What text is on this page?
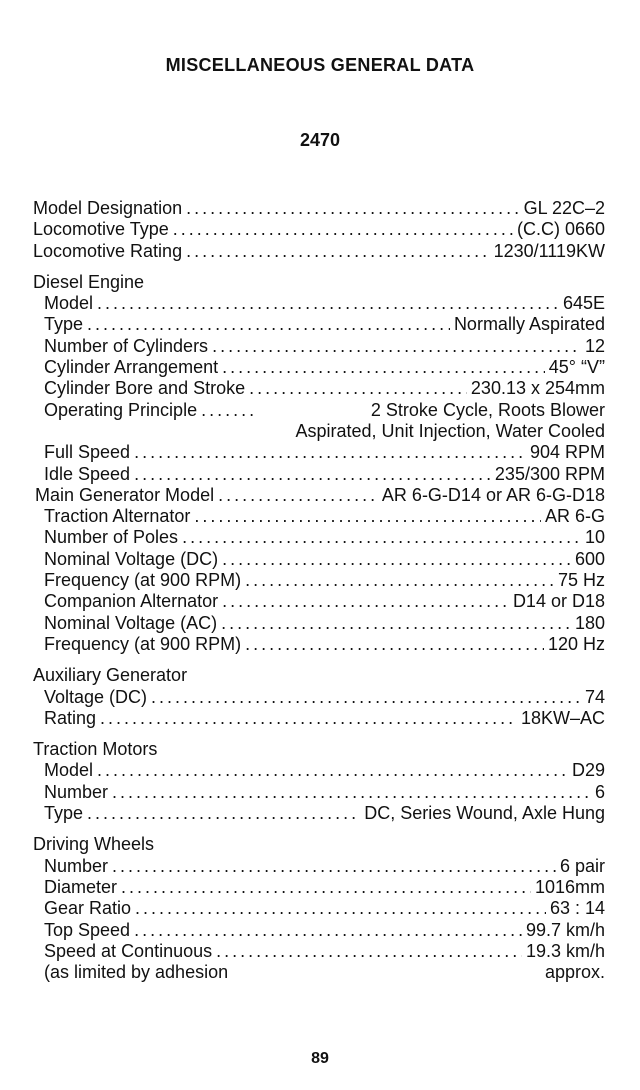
MISCELLANEOUS GENERAL DATA
2470
Model Designation . . .	GL 22C–2
Locomotive Type . . .	(C.C) 0660
Locomotive Rating . . .	1230/1119KW
Diesel Engine
Model . . .	645E
Type . . .	Normally Aspirated
Number of Cylinders . . .	12
Cylinder Arrangement . . .	45° “V”
Cylinder Bore and Stroke . . .	230.13 x 254mm
Operating Principle . . .	2 Stroke Cycle, Roots Blower
Aspirated, Unit Injection, Water Cooled
Full Speed . . .	904 RPM
Idle Speed . . .	235/300 RPM
Main Generator Model . . .	AR 6-G-D14 or AR 6-G-D18
Traction Alternator . . .	AR 6-G
Number of Poles . . .	10
Nominal Voltage (DC) . . .	600
Frequency (at 900 RPM) . . .	75 Hz
Companion Alternator . . .	D14 or D18
Nominal Voltage (AC) . . .	180
Frequency (at 900 RPM) . . .	120 Hz
Auxiliary Generator
Voltage (DC) . . .	74
Rating . . .	18KW–AC
Traction Motors
Model . . .	D29
Number . . .	6
Type . . .	DC, Series Wound, Axle Hung
Driving Wheels
Number . . .	6 pair
Diameter . . .	1016mm
Gear Ratio . . .	63 : 14
Top Speed . . .	99.7 km/h
Speed at Continuous . . .	19.3 km/h
(as limited by adhesion	approx.
89
